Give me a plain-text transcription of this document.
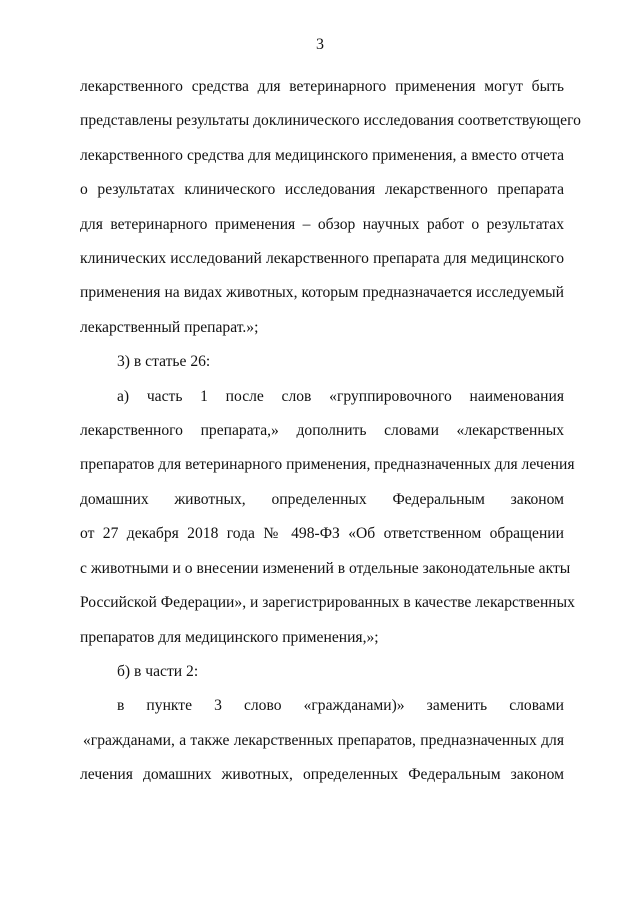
3
лекарственного средства для ветеринарного применения могут быть
представлены результаты доклинического исследования соответствующего
лекарственного средства для медицинского применения, а вместо отчета
о результатах клинического исследования лекарственного препарата
для ветеринарного применения – обзор научных работ о результатах
клинических исследований лекарственного препарата для медицинского
применения на видах животных, которым предназначается исследуемый
лекарственный препарат.»;
3) в статье 26:
а) часть 1 после слов «группировочного наименования
лекарственного препарата,» дополнить словами «лекарственных
препаратов для ветеринарного применения, предназначенных для лечения
домашних животных, определенных Федеральным законом
от 27 декабря 2018 года № 498-ФЗ «Об ответственном обращении
с животными и о внесении изменений в отдельные законодательные акты
Российской Федерации», и зарегистрированных в качестве лекарственных
препаратов для медицинского применения,»;
б) в части 2:
в пункте 3 слово «гражданами)» заменить словами
«гражданами, а также лекарственных препаратов, предназначенных для
лечения домашних животных, определенных Федеральным законом
